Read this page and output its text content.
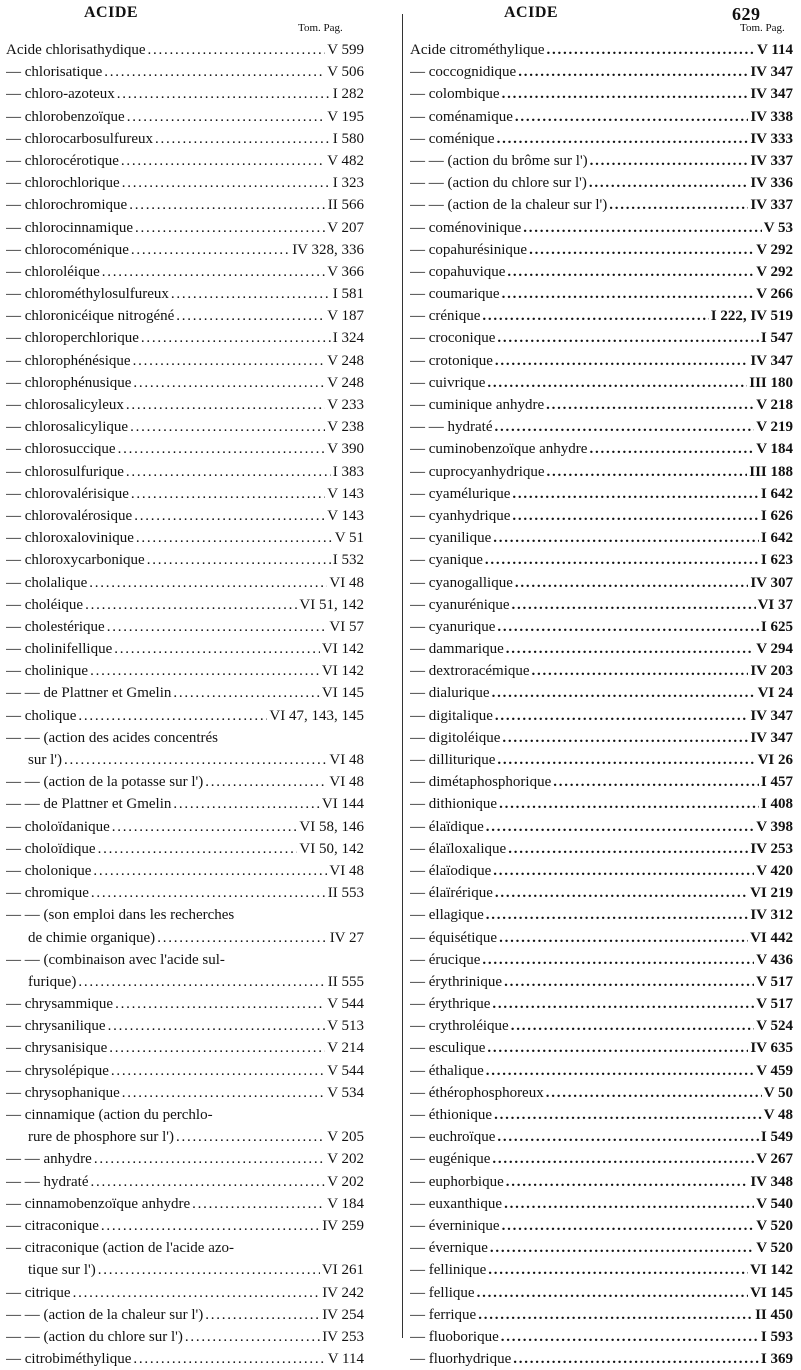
ACIDE	ACIDE	629
Tom. Pag.	Tom. Pag.
Acide chlorisathydique . . .	V 599
— chlorisatique . . .	V 506
— chloro-azoteux . . .	I 282
— chlorobenzoïque . . .	V 195
— chlorocarbosulfureux . . .	I 580
— chlorocérotique . . .	V 482
— chlorochlorique . . .	I 323
— chlorochromique . . .	II 566
— chlorocinnamique . . .	V 207
— chlorocoménique . . .	IV 328, 336
— chloroléique . . .	V 366
— chlorométhylosulfureux . . .	I 581
— chloronicéique nitrogéné . . .	V 187
— chloroperchlorique . . .	I 324
— chlorophénésique . . .	V 248
— chlorophénusique . . .	V 248
— chlorosalicyleux . . .	V 233
— chlorosalicylique . . .	V 238
— chlorosuccique . . .	V 390
— chlorosulfurique . . .	I 383
— chlorovalérisique . . .	V 143
— chlorovalérosique . . .	V 143
— chloroxalovinique . . .	V 51
— chloroxycarbonique . . .	I 532
— cholalique . . .	VI 48
— choléique . . .	VI 51, 142
— cholestérique . . .	VI 57
— cholinifellique . . .	VI 142
— cholinique . . .	VI 142
— — de Plattner et Gmelin . . .	VI 145
— cholique . . .	VI 47, 143, 145
— — (action des acides concentrés
sur l') . . .	VI 48
— — (action de la potasse sur l') . . .	VI 48
— — de Plattner et Gmelin . . .	VI 144
— choloïdanique . . .	VI 58, 146
— choloïdique . . .	VI 50, 142
— cholonique . . .	VI 48
— chromique . . .	II 553
— — (son emploi dans les recherches
de chimie organique) . . .	IV 27
— — (combinaison avec l'acide sul-
furique) . . .	II 555
— chrysammique . . .	V 544
— chrysanilique . . .	V 513
— chrysanisique . . .	V 214
— chrysolépique . . .	V 544
— chrysophanique . . .	V 534
— cinnamique (action du perchlo-
rure de phosphore sur l') . . .	V 205
— — anhydre . . .	V 202
— — hydraté . . .	V 202
— cinnamobenzoïque anhydre . . .	V 184
— citraconique . . .	IV 259
— citraconique (action de l'acide azo-
tique sur l') . . .	VI 261
— citrique . . .	IV 242
— — (action de la chaleur sur l') . . .	IV 254
— — (action du chlore sur l') . . .	IV 253
— citrobiméthylique . . .	V 114
Acide citrométhylique . . .	V 114
— coccognidique . . .	IV 347
— colombique . . .	IV 347
— coménamique . . .	IV 338
— coménique . . .	IV 333
— — (action du brôme sur l') . . .	IV 337
— — (action du chlore sur l') . . .	IV 336
— — (action de la chaleur sur l') . . .	IV 337
— coménovinique . . .	V 53
— copahurésinique . . .	V 292
— copahuvique . . .	V 292
— coumarique . . .	V 266
— crénique . . .	I 222, IV 519
— croconique . . .	I 547
— crotonique . . .	IV 347
— cuivrique . . .	III 180
— cuminique anhydre . . .	V 218
— — hydraté . . .	V 219
— cuminobenzoïque anhydre . . .	V 184
— cuprocyanhydrique . . .	III 188
— cyamélurique . . .	I 642
— cyanhydrique . . .	I 626
— cyanilique . . .	I 642
— cyanique . . .	I 623
— cyanogallique . . .	IV 307
— cyanurénique . . .	VI 37
— cyanurique . . .	I 625
— dammarique . . .	V 294
— dextroracémique . . .	IV 203
— dialurique . . .	VI 24
— digitalique . . .	IV 347
— digitoléique . . .	IV 347
— dilliturique . . .	VI 26
— dimétaphosphorique . . .	I 457
— dithionique . . .	I 408
— élaïdique . . .	V 398
— élaïloxalique . . .	IV 253
— élaïodique . . .	V 420
— élaïrérique . . .	VI 219
— ellagique . . .	IV 312
— équisétique . . .	VI 442
— érucique . . .	V 436
— érythrinique . . .	V 517
— érythrique . . .	V 517
— crythroléique . . .	V 524
— esculique . . .	IV 635
— éthalique . . .	V 459
— éthérophosphoreux . . .	V 50
— éthionique . . .	V 48
— euchroïque . . .	I 549
— eugénique . . .	V 267
— euphorbique . . .	IV 348
— euxanthique . . .	V 540
— éverninique . . .	V 520
— évernique . . .	V 520
— fellinique . . .	VI 142
— fellique . . .	VI 145
— ferrique . . .	II 450
— fluoborique . . .	I 593
— fluorhydrique . . .	I 369
